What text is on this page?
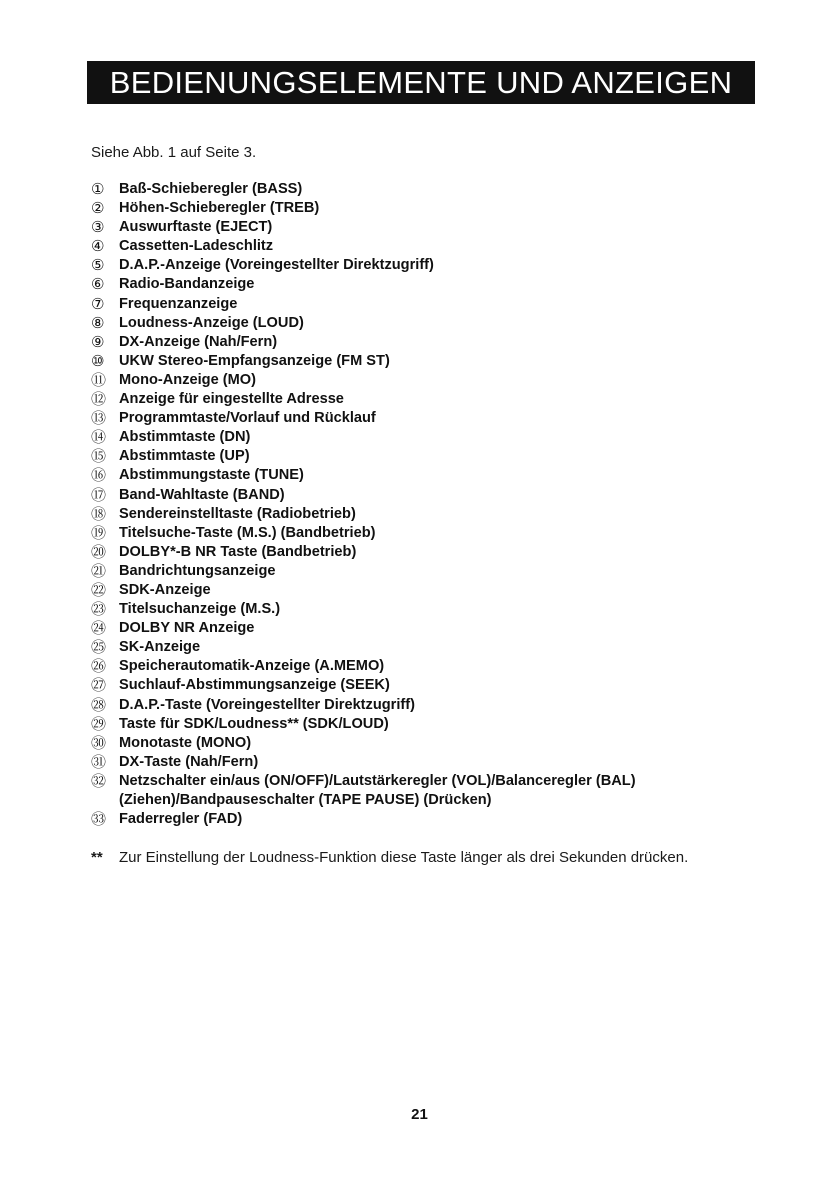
BEDIENUNGSELEMENTE UND ANZEIGEN

Siehe Abb. 1 auf Seite 3.

① Baß-Schieberegler (BASS)
② Höhen-Schieberegler (TREB)
③ Auswurftaste (EJECT)
④ Cassetten-Ladeschlitz
⑤ D.A.P.-Anzeige (Voreingestellter Direktzugriff)
⑥ Radio-Bandanzeige
⑦ Frequenzanzeige
⑧ Loudness-Anzeige (LOUD)
⑨ DX-Anzeige (Nah/Fern)
⑩ UKW Stereo-Empfangsanzeige (FM ST)
⑪ Mono-Anzeige (MO)
⑫ Anzeige für eingestellte Adresse
⑬ Programmtaste/Vorlauf und Rücklauf
⑭ Abstimmtaste (DN)
⑮ Abstimmtaste (UP)
⑯ Abstimmungstaste (TUNE)
⑰ Band-Wahltaste (BAND)
⑱ Sendereinstelltaste (Radiobetrieb)
⑲ Titelsuche-Taste (M.S.) (Bandbetrieb)
⑳ DOLBY*-B NR Taste (Bandbetrieb)
㉑ Bandrichtungsanzeige
㉒ SDK-Anzeige
㉓ Titelsuchanzeige (M.S.)
㉔ DOLBY NR Anzeige
㉕ SK-Anzeige
㉖ Speicherautomatik-Anzeige (A.MEMO)
㉗ Suchlauf-Abstimmungsanzeige (SEEK)
㉘ D.A.P.-Taste (Voreingestellter Direktzugriff)
㉙ Taste für SDK/Loudness** (SDK/LOUD)
㉚ Monotaste (MONO)
㉛ DX-Taste (Nah/Fern)
㉜ Netzschalter ein/aus (ON/OFF)/Lautstärkeregler (VOL)/Balanceregler (BAL) (Ziehen)/Bandpauseschalter (TAPE PAUSE) (Drücken)
㉝ Faderregler (FAD)
**	Zur Einstellung der Loudness-Funktion diese Taste länger als drei Sekunden drücken.
21
